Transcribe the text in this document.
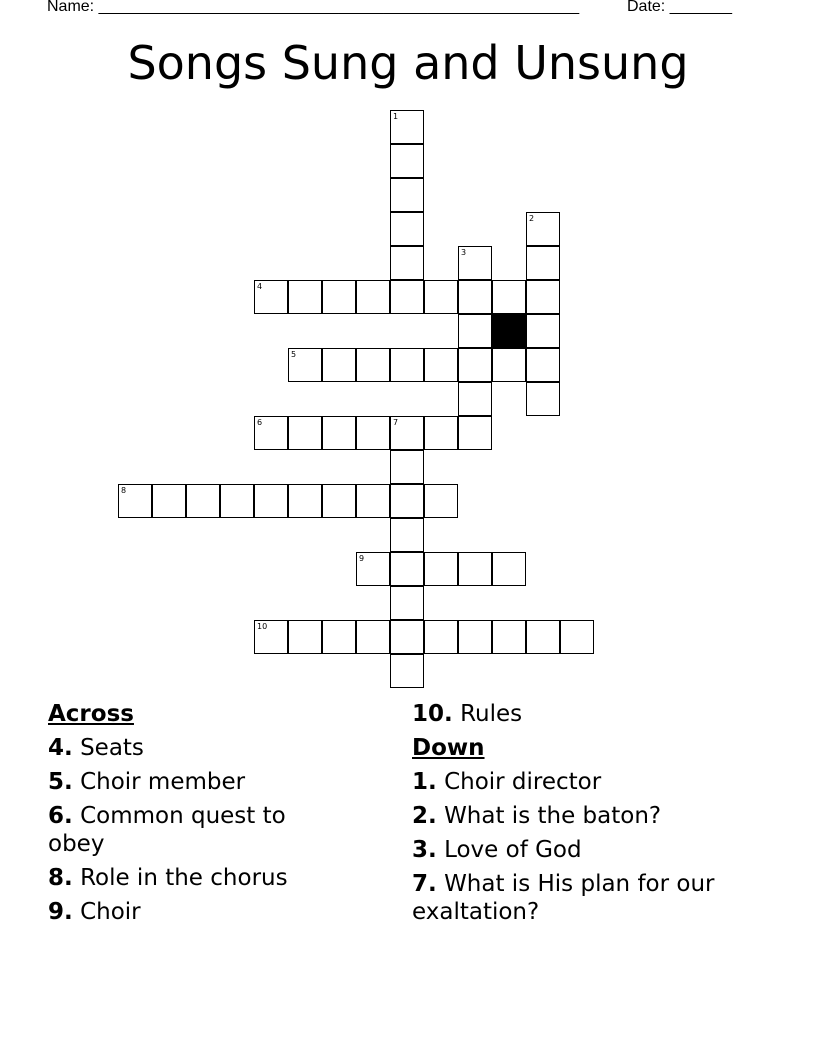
Name: ______________________________________________________	Date: _______
Songs Sung and Unsung
1
2
3
4
5
6	7
8
9
10
Across
4. Seats
5. Choir member
6. Common quest to obey
8. Role in the chorus
9. Choir
10. Rules
Down
1. Choir director
2. What is the baton?
3. Love of God
7. What is His plan for our exaltation?
